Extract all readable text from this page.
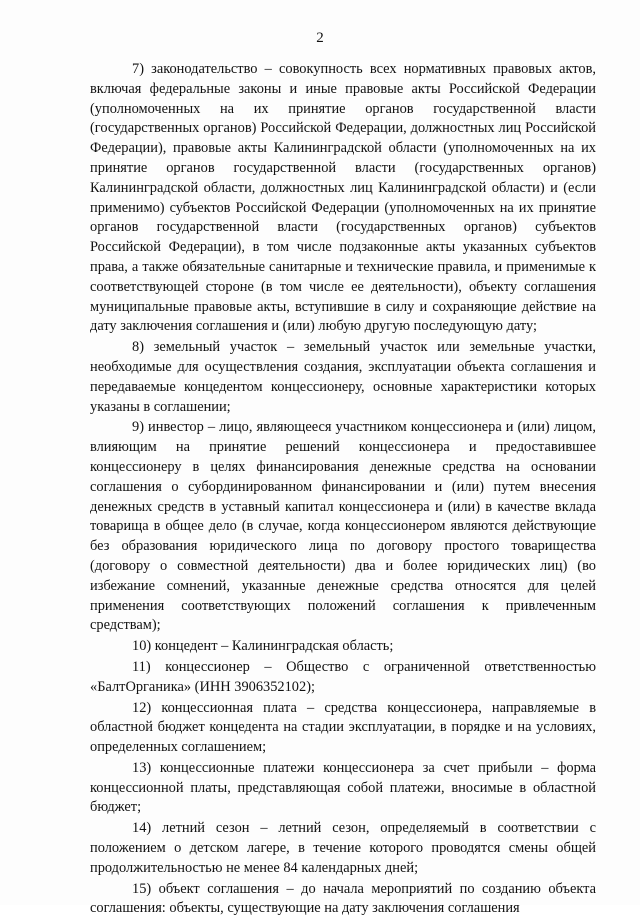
2

7) законодательство – совокупность всех нормативных правовых актов, включая федеральные законы и иные правовые акты Российской Федерации (уполномоченных на их принятие органов государственной власти (государственных органов) Российской Федерации, должностных лиц Российской Федерации), правовые акты Калининградской области (уполномоченных на их принятие органов государственной власти (государственных органов) Калининградской области, должностных лиц Калининградской области) и (если применимо) субъектов Российской Федерации (уполномоченных на их принятие органов государственной власти (государственных органов) субъектов Российской Федерации), в том числе подзаконные акты указанных субъектов права, а также обязательные санитарные и технические правила, и применимые к соответствующей стороне (в том числе ее деятельности), объекту соглашения муниципальные правовые акты, вступившие в силу и сохраняющие действие на дату заключения соглашения и (или) любую другую последующую дату;

8) земельный участок – земельный участок или земельные участки, необходимые для осуществления создания, эксплуатации объекта соглашения и передаваемые концедентом концессионеру, основные характеристики которых указаны в соглашении;

9) инвестор – лицо, являющееся участником концессионера и (или) лицом, влияющим на принятие решений концессионера и предоставившее концессионеру в целях финансирования денежные средства на основании соглашения о субординированном финансировании и (или) путем внесения денежных средств в уставный капитал концессионера и (или) в качестве вклада товарища в общее дело (в случае, когда концессионером являются действующие без образования юридического лица по договору простого товарищества (договору о совместной деятельности) два и более юридических лиц) (во избежание сомнений, указанные денежные средства относятся для целей применения соответствующих положений соглашения к привлеченным средствам);

10) концедент – Калининградская область;

11) концессионер – Общество с ограниченной ответственностью «БалтОрганика» (ИНН 3906352102);

12) концессионная плата – средства концессионера, направляемые в областной бюджет концедента на стадии эксплуатации, в порядке и на условиях, определенных соглашением;

13) концессионные платежи концессионера за счет прибыли – форма концессионной платы, представляющая собой платежи, вносимые в областной бюджет;

14) летний сезон – летний сезон, определяемый в соответствии с положением о детском лагере, в течение которого проводятся смены общей продолжительностью не менее 84 календарных дней;

15) объект соглашения – до начала мероприятий по созданию объекта соглашения: объекты, существующие на дату заключения соглашения
